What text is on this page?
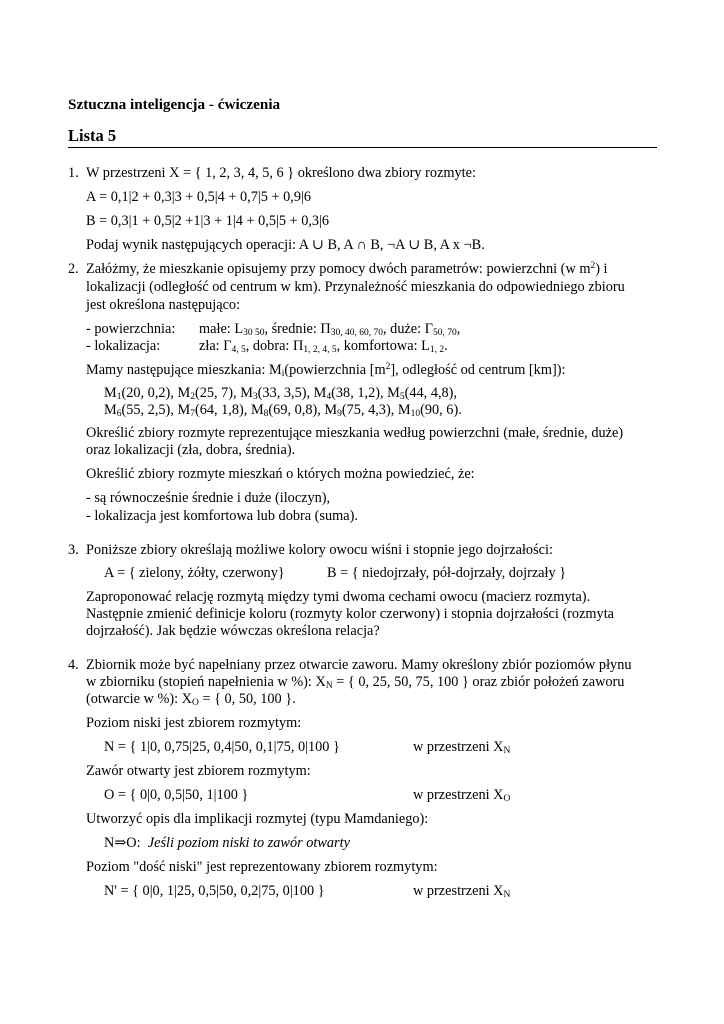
Sztuczna inteligencja - ćwiczenia
Lista 5
1. W przestrzeni X = { 1, 2, 3, 4, 5, 6 } określono dwa zbiory rozmyte:
A = 0,1|2 + 0,3|3 + 0,5|4 + 0,7|5 + 0,9|6
B = 0,3|1 + 0,5|2 +1|3 + 1|4 + 0,5|5 + 0,3|6
Podaj wynik następujących operacji: A ∪ B, A ∩ B, ¬A ∪ B, A x ¬B.
2. Załóżmy, że mieszkanie opisujemy przy pomocy dwóch parametrów: powierzchni (w $m^2$) i
lokalizacji (odległość od centrum w km). Przynależność mieszkania do odpowiedniego zbioru
jest określona następująco:
- powierzchnia: małe: $L_{30 50}$, średnie: $\Pi_{30, 40, 60, 70}$, duże: $\Gamma_{50, 70}$,
- lokalizacja:	zła: $\Gamma_{4, 5}$, dobra: $\Pi_{1, 2, 4, 5}$, komfortowa: $L_{1, 2}$.
Mamy następujące mieszkania: $M_i(powierzchnia$ $[m^2]$, odległość od centrum [km]):
$M_1(20$, 0,2), $M_2(25$, 7), $M_3(33$, 3,5), $M_4(38$, 1,2), $M_5(44$, 4,8),
$M_6(55$, 2,5), $M_7(64$, 1,8), $M_8(69$, 0,8), $M_9(75$, 4,3), $M_{10}(90$, 6).
Określić zbiory rozmyte reprezentujące mieszkania według powierzchni (małe, średnie, duże)
oraz lokalizacji (zła, dobra, średnia).
Określić zbiory rozmyte mieszkań o których można powiedzieć, że:
- są równocześnie średnie i duże (iloczyn),
- lokalizacja jest komfortowa lub dobra (suma).
3. Poniższe zbiory określają możliwe kolory owocu wiśni i stopnie jego dojrzałości:
A = { zielony, żółty, czerwony}	B = { niedojrzały, pół-dojrzały, dojrzały }
Zaproponować relację rozmytą między tymi dwoma cechami owocu (macierz rozmyta).
Następnie zmienić definicje koloru (rozmyty kolor czerwony) i stopnia dojrzałości (rozmyta
dojrzałość). Jak będzie wówczas określona relacja?
4. Zbiornik może być napełniany przez otwarcie zaworu. Mamy określony zbiór poziomów płynu
w zbiorniku (stopień napełnienia w %): $X_N$ = { 0, 25, 50, 75, 100 } oraz zbiór położeń zaworu
(otwarcie w %): $X_O$ = { 0, 50, 100 }.
Poziom niski jest zbiorem rozmytym:
N = { 1|0, 0,75|25, 0,4|50, 0,1|75, 0|100 }	w przestrzeni $X_N$
Zawór otwarty jest zbiorem rozmytym:
O = { 0|0, 0,5|50, 1|100 }	w przestrzeni $X_O$
Utworzyć opis dla implikacji rozmytej (typu Mamdaniego):
N⇒O: Jeśli poziom niski to zawór otwarty
Poziom "dość niski" jest reprezentowany zbiorem rozmytym:
N' = { 0|0, 1|25, 0,5|50, 0,2|75, 0|100 }	w przestrzeni $X_N$
